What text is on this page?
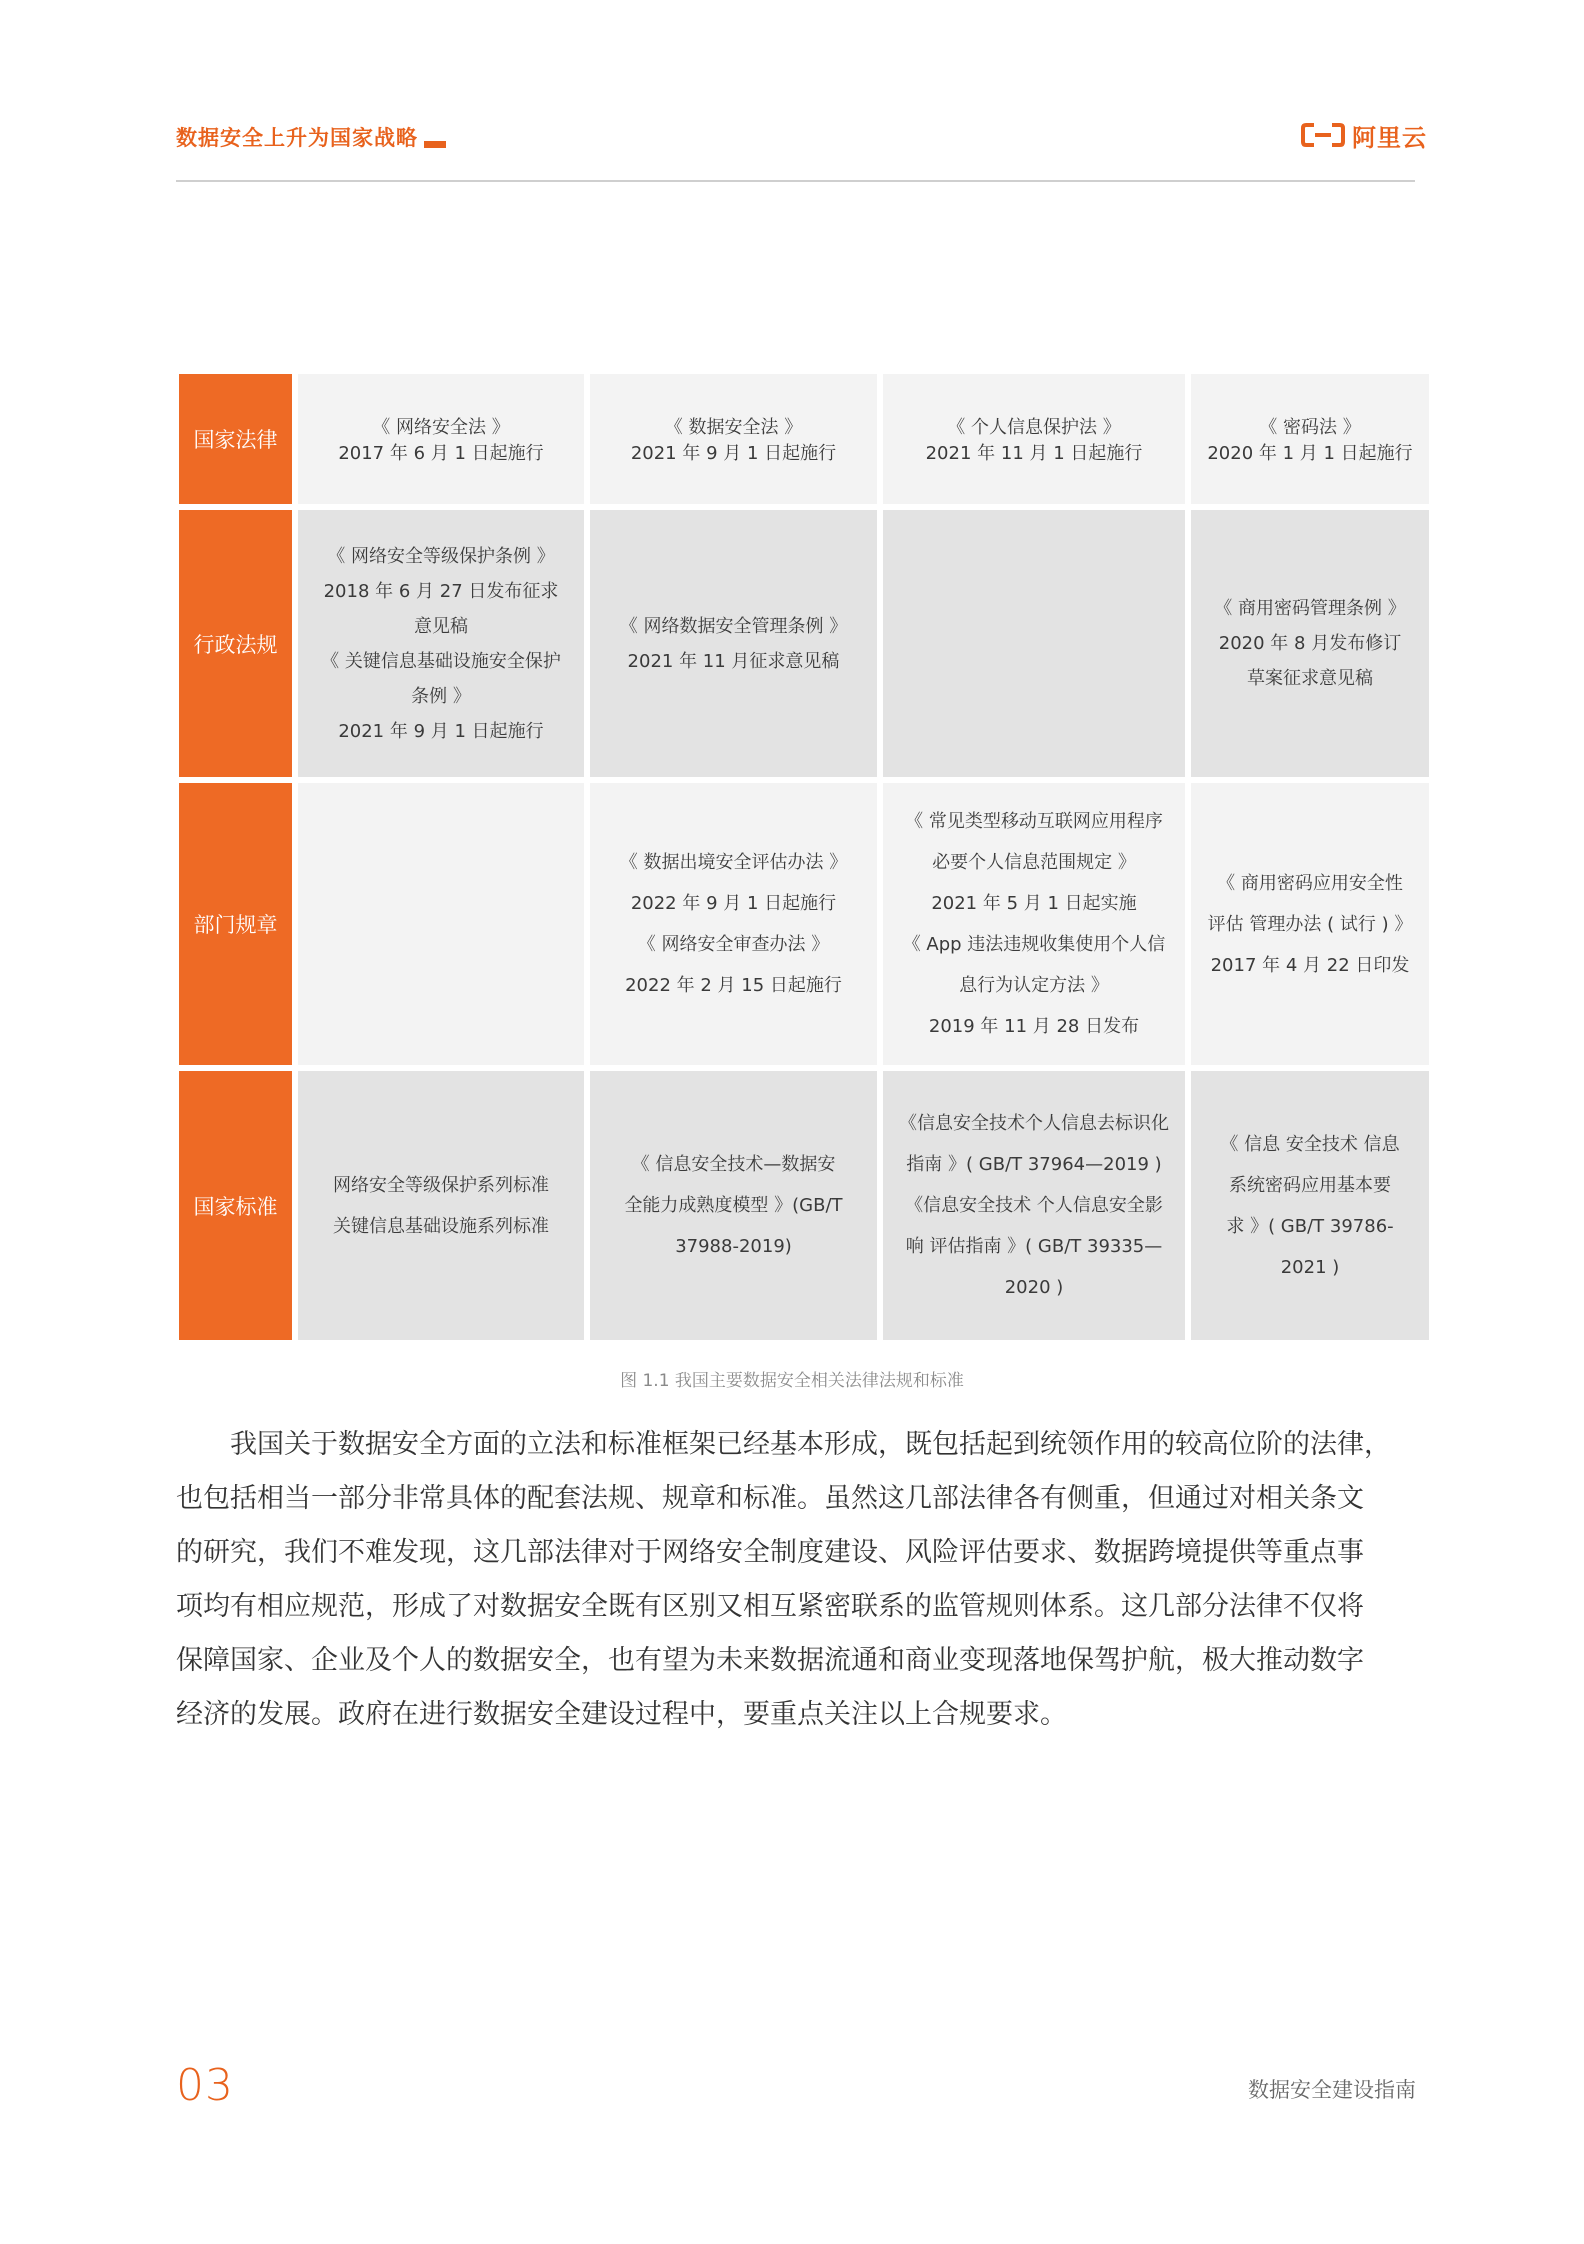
数据安全上升为国家战略	阿里云
国家法律
《 网络安全法 》
2017 年 6 月 1 日起施行
《 数据安全法 》
2021 年 9 月 1 日起施行
《 个人信息保护法 》
2021 年 11 月 1 日起施行
《 密码法 》
2020 年 1 月 1 日起施行
行政法规
《 网络安全等级保护条例 》
2018 年 6 月 27 日发布征求
意见稿
《 关键信息基础设施安全保护
条例 》
2021 年 9 月 1 日起施行
《 网络数据安全管理条例 》
2021 年 11 月征求意见稿
《 商用密码管理条例 》
2020 年 8 月发布修订
草案征求意见稿
部门规章
《 数据出境安全评估办法 》
2022 年 9 月 1 日起施行
《 网络安全审查办法 》
2022 年 2 月 15 日起施行
《 常见类型移动互联网应用程序
必要个人信息范围规定 》
2021 年 5 月 1 日起实施
《 App 违法违规收集使用个人信
息行为认定方法 》
2019 年 11 月 28 日发布
《 商用密码应用安全性
评估 管理办法 ( 试行 ) 》
2017 年 4 月 22 日印发
国家标准
网络安全等级保护系列标准
关键信息基础设施系列标准
《 信息安全技术—数据安
全能力成熟度模型 》(GB/T
37988-2019)
《信息安全技术个人信息去标识化
指南 》( GB/T 37964—2019 )
《信息安全技术 个人信息安全影
响 评估指南 》( GB/T 39335—
2020 )
《 信息 安全技术 信息
系统密码应用基本要
求 》( GB/T 39786-
2021 )
图 1.1 我国主要数据安全相关法律法规和标准

我国关于数据安全方面的立法和标准框架已经基本形成，既包括起到统领作用的较高位阶的法律，
也包括相当一部分非常具体的配套法规、规章和标准。虽然这几部法律各有侧重，但通过对相关条文
的研究，我们不难发现，这几部法律对于网络安全制度建设、风险评估要求、数据跨境提供等重点事
项均有相应规范，形成了对数据安全既有区别又相互紧密联系的监管规则体系。这几部分法律不仅将
保障国家、企业及个人的数据安全，也有望为未来数据流通和商业变现落地保驾护航，极大推动数字
经济的发展。政府在进行数据安全建设过程中，要重点关注以上合规要求。

03	数据安全建设指南
